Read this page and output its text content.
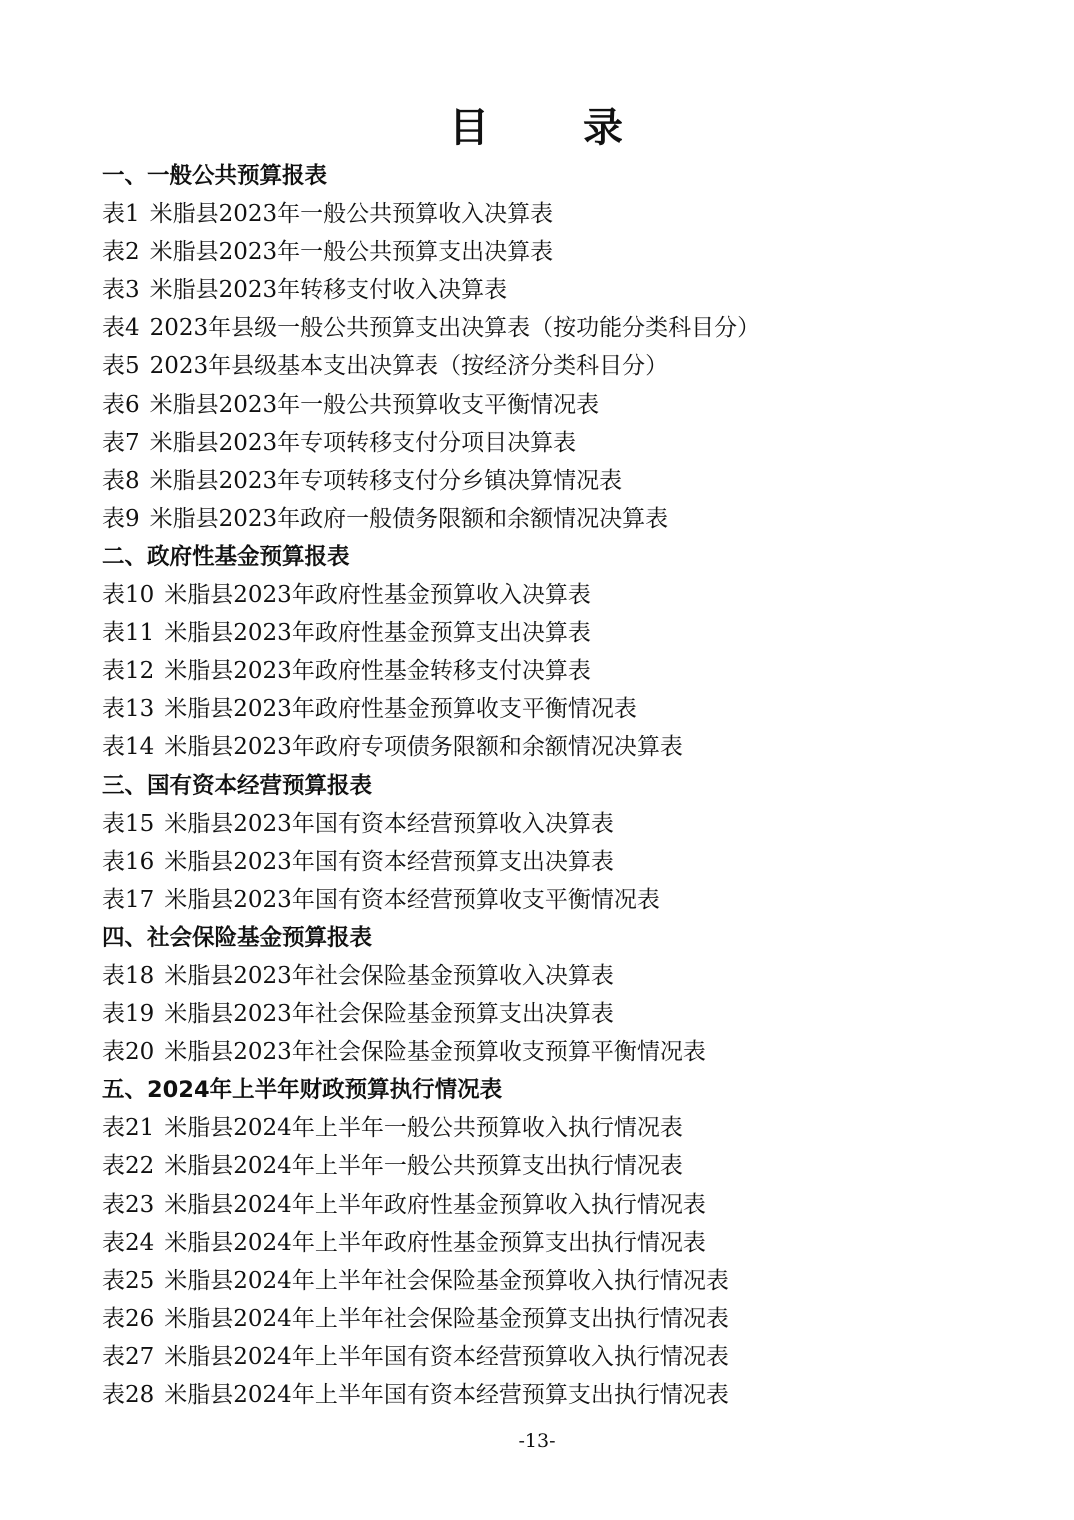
目 录
一、一般公共预算报表
表1 米脂县2023年一般公共预算收入决算表
表2 米脂县2023年一般公共预算支出决算表
表3 米脂县2023年转移支付收入决算表
表4 2023年县级一般公共预算支出决算表（按功能分类科目分）
表5 2023年县级基本支出决算表（按经济分类科目分）
表6 米脂县2023年一般公共预算收支平衡情况表
表7 米脂县2023年专项转移支付分项目决算表
表8 米脂县2023年专项转移支付分乡镇决算情况表
表9 米脂县2023年政府一般债务限额和余额情况决算表
二、政府性基金预算报表
表10 米脂县2023年政府性基金预算收入决算表
表11 米脂县2023年政府性基金预算支出决算表
表12 米脂县2023年政府性基金转移支付决算表
表13 米脂县2023年政府性基金预算收支平衡情况表
表14 米脂县2023年政府专项债务限额和余额情况决算表
三、国有资本经营预算报表
表15 米脂县2023年国有资本经营预算收入决算表
表16 米脂县2023年国有资本经营预算支出决算表
表17 米脂县2023年国有资本经营预算收支平衡情况表
四、社会保险基金预算报表
表18 米脂县2023年社会保险基金预算收入决算表
表19 米脂县2023年社会保险基金预算支出决算表
表20 米脂县2023年社会保险基金预算收支预算平衡情况表
五、2024年上半年财政预算执行情况表
表21 米脂县2024年上半年一般公共预算收入执行情况表
表22 米脂县2024年上半年一般公共预算支出执行情况表
表23 米脂县2024年上半年政府性基金预算收入执行情况表
表24 米脂县2024年上半年政府性基金预算支出执行情况表
表25 米脂县2024年上半年社会保险基金预算收入执行情况表
表26 米脂县2024年上半年社会保险基金预算支出执行情况表
表27 米脂县2024年上半年国有资本经营预算收入执行情况表
表28 米脂县2024年上半年国有资本经营预算支出执行情况表
-13-
